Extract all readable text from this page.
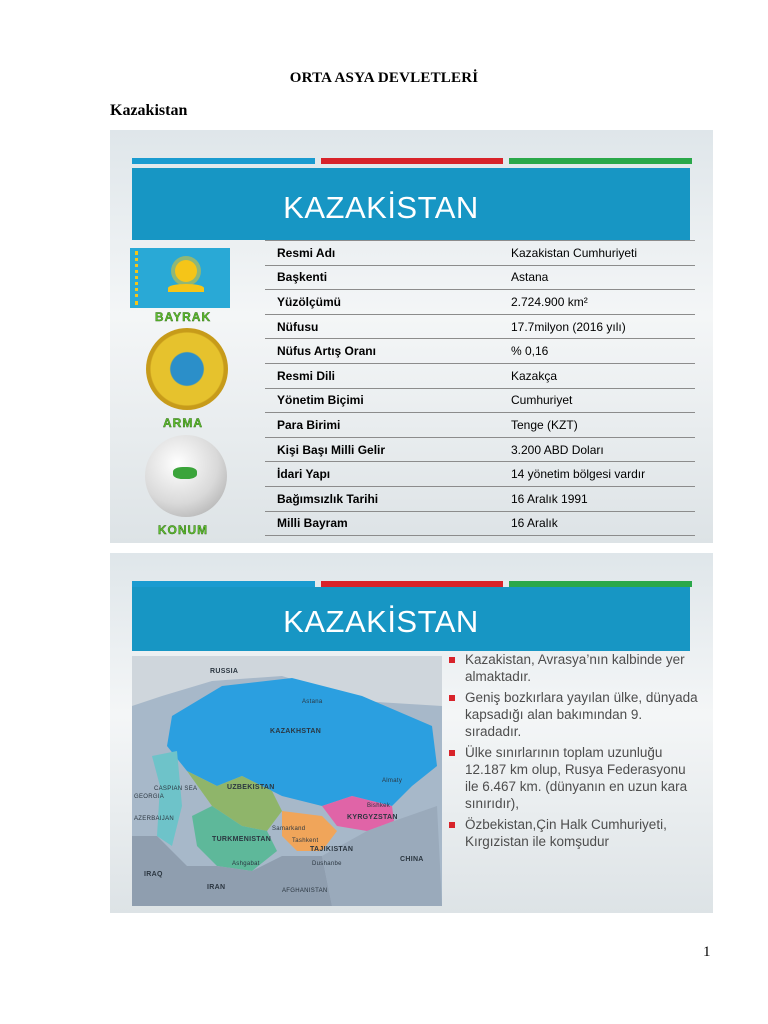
ORTA ASYA DEVLETLERİ
Kazakistan
KAZAKİSTAN
BAYRAK
ARMA
KONUM
Resmi Adı	Kazakistan Cumhuriyeti
Başkenti	Astana
Yüzölçümü	2.724.900 km²
Nüfusu	17.7milyon (2016 yılı)
Nüfus Artış Oranı	% 0,16
Resmi Dili	Kazakça
Yönetim Biçimi	Cumhuriyet
Para Birimi	Tenge (KZT)
Kişi Başı Milli Gelir	3.200 ABD Doları
İdari Yapı	14 yönetim bölgesi vardır
Bağımsızlık Tarihi	16 Aralık 1991
Milli Bayram	16 Aralık
KAZAKİSTAN
RUSSIA
KAZAKHSTAN
Astana
Almaty
UZBEKISTAN
TURKMENISTAN
KYRGYZSTAN
Bishkek
TAJIKISTAN
Tashkent
Samarkand
Dushanbe
Ashgabat
CHINA
IRAN
IRAQ
AFGHANISTAN
GEORGIA
AZERBAIJAN
CASPIAN SEA
Kazakistan, Avrasya’nın kalbinde yer almaktadır.
Geniş bozkırlara yayılan ülke, dünyada kapsadığı alan bakımından 9. sıradadır.
Ülke sınırlarının toplam uzunluğu 12.187 km olup, Rusya Federasyonu ile 6.467 km. (dünyanın en uzun kara sınırıdır),
Özbekistan,Çin Halk Cumhuriyeti, Kırgızistan ile komşudur
1
